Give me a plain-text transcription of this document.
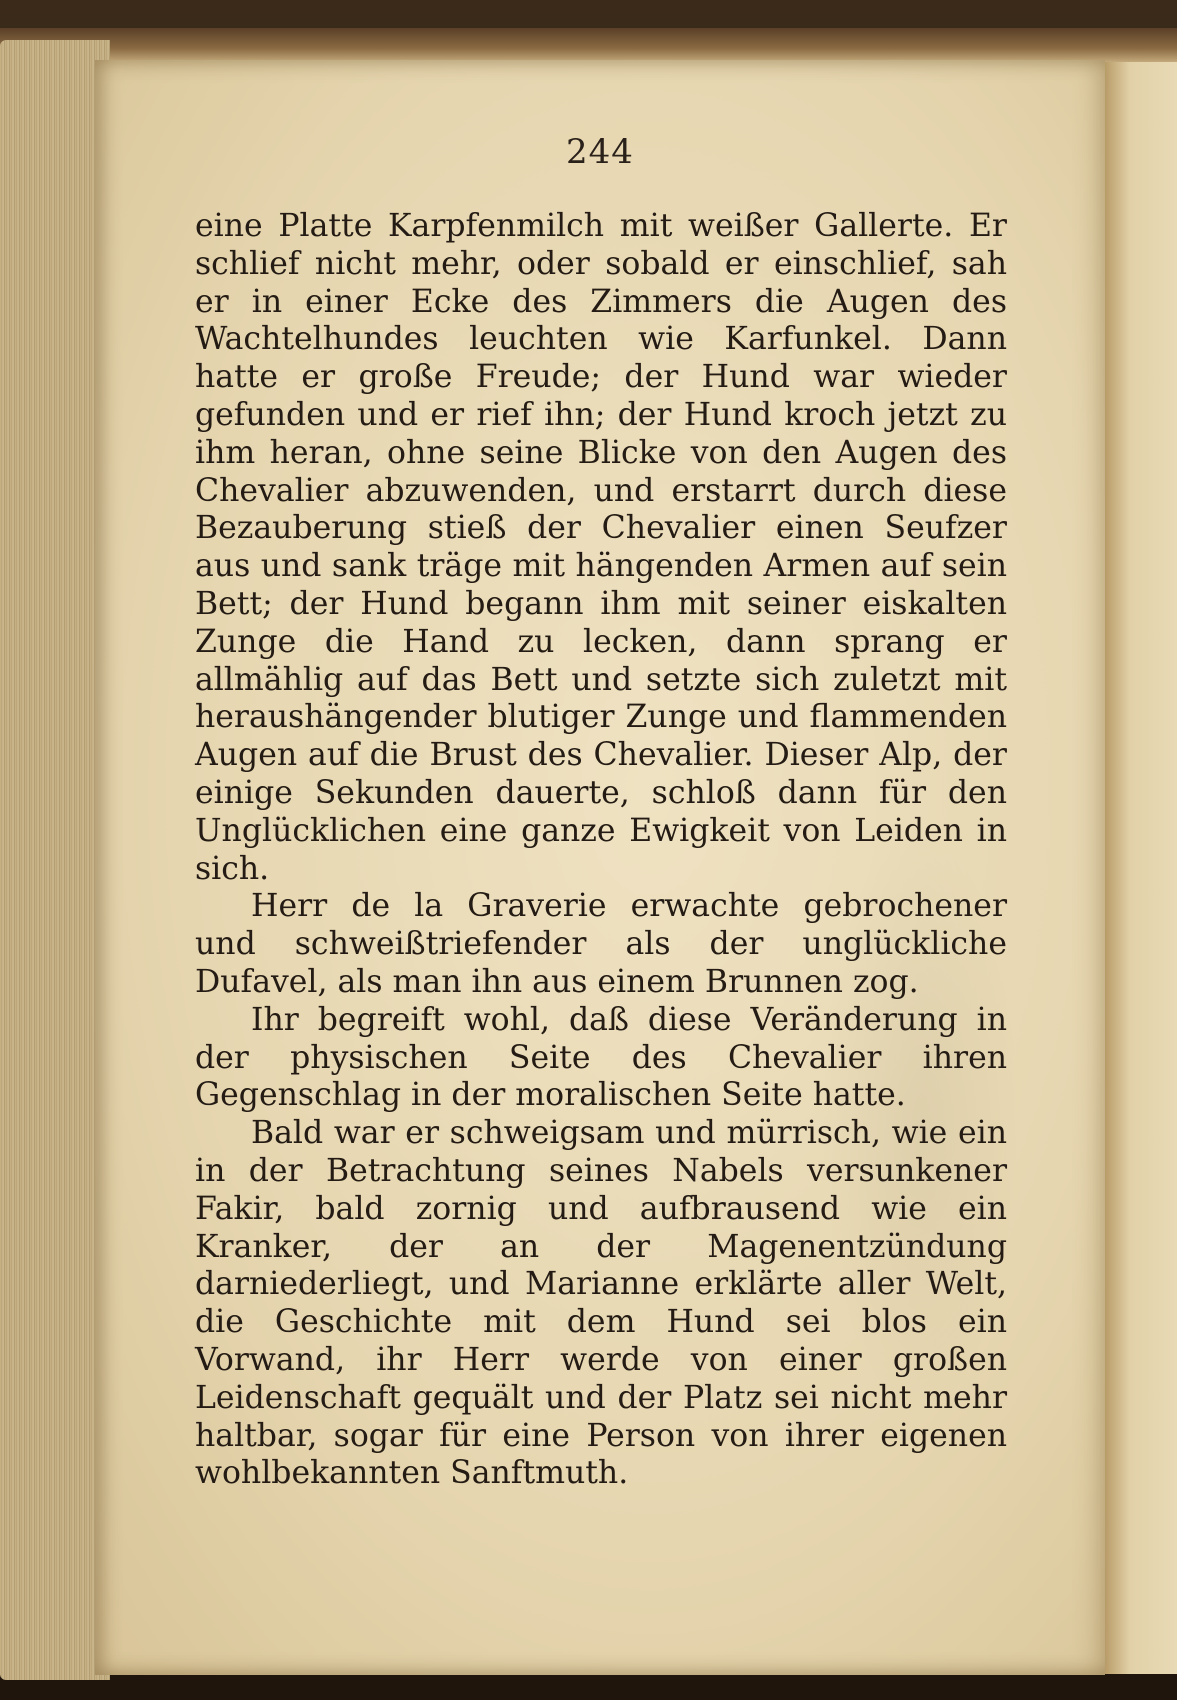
244

eine Platte Karpfenmilch mit weißer Gallerte. Er schlief nicht mehr, oder sobald er einschlief, sah er in einer Ecke des Zimmers die Augen des Wachtelhundes leuchten wie Karfunkel. Dann hatte er große Freude; der Hund war wieder gefunden und er rief ihn; der Hund kroch jetzt zu ihm heran, ohne seine Blicke von den Augen des Chevalier abzuwenden, und erstarrt durch diese Bezauberung stieß der Chevalier einen Seufzer aus und sank träge mit hängenden Armen auf sein Bett; der Hund begann ihm mit seiner eiskalten Zunge die Hand zu lecken, dann sprang er allmählig auf das Bett und setzte sich zuletzt mit heraushängender blutiger Zunge und flammenden Augen auf die Brust des Chevalier. Dieser Alp, der einige Sekunden dauerte, schloß dann für den Unglücklichen eine ganze Ewigkeit von Leiden in sich.

Herr de la Graverie erwachte gebrochener und schweißtriefender als der unglückliche Dufavel, als man ihn aus einem Brunnen zog.

Ihr begreift wohl, daß diese Veränderung in der physischen Seite des Chevalier ihren Gegenschlag in der moralischen Seite hatte.

Bald war er schweigsam und mürrisch, wie ein in der Betrachtung seines Nabels versunkener Fakir, bald zornig und aufbrausend wie ein Kranker, der an der Magenentzündung darniederliegt, und Marianne erklärte aller Welt, die Geschichte mit dem Hund sei blos ein Vorwand, ihr Herr werde von einer großen Leidenschaft gequält und der Platz sei nicht mehr haltbar, sogar für eine Person von ihrer eigenen wohlbekannten Sanftmuth.
